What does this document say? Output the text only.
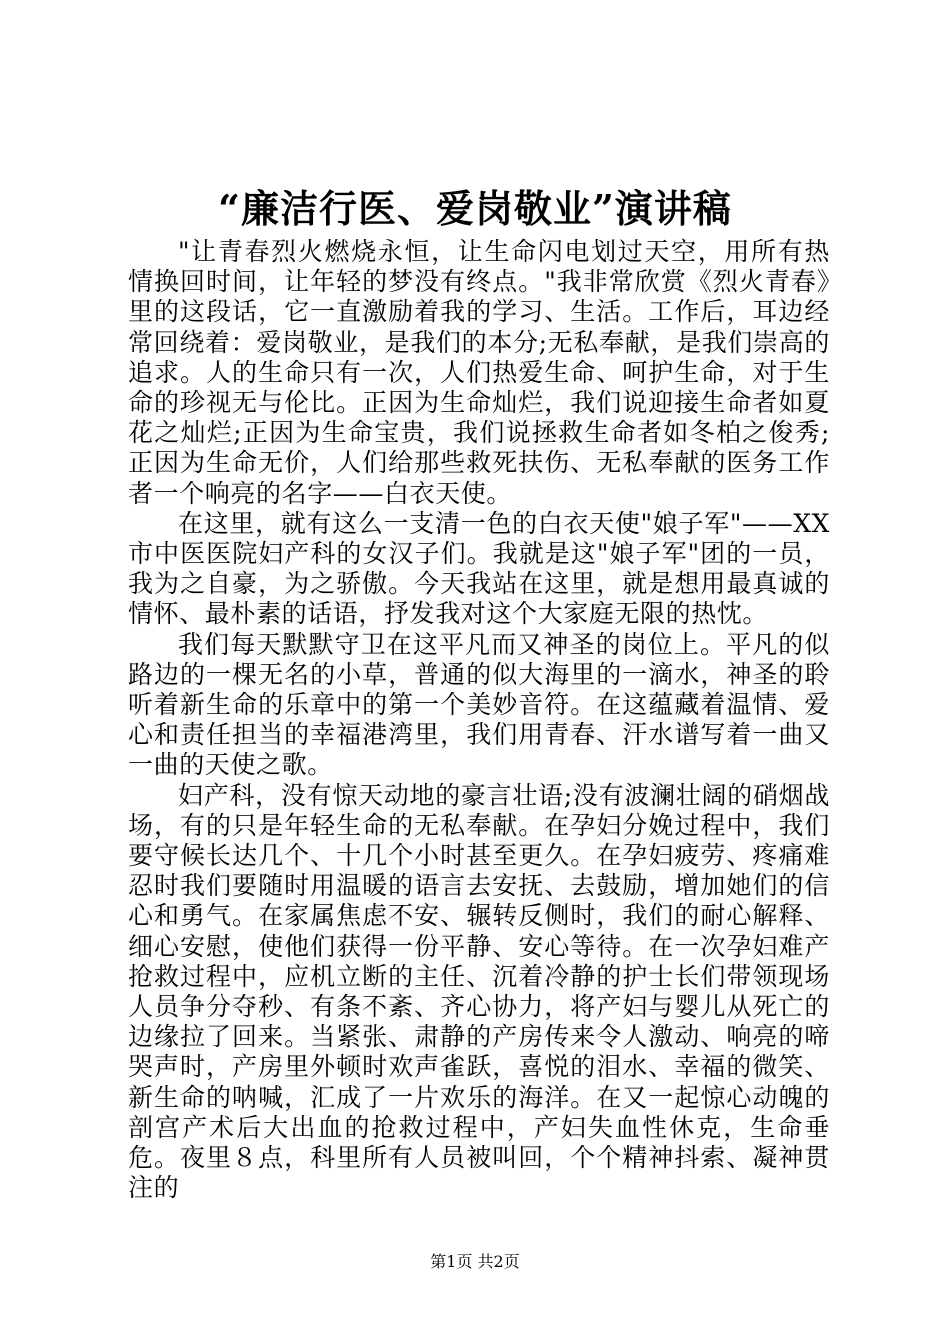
“廉洁行医、爱岗敬业”演讲稿

"让青春烈火燃烧永恒，让生命闪电划过天空，用所有热情换回时间，让年轻的梦没有终点。"我非常欣赏《烈火青春》里的这段话，它一直激励着我的学习、生活。工作后，耳边经常回绕着：爱岗敬业，是我们的本分;无私奉献，是我们崇高的追求。人的生命只有一次，人们热爱生命、呵护生命，对于生命的珍视无与伦比。正因为生命灿烂，我们说迎接生命者如夏花之灿烂;正因为生命宝贵，我们说拯救生命者如冬柏之俊秀;正因为生命无价，人们给那些救死扶伤、无私奉献的医务工作者一个响亮的名字——白衣天使。

在这里，就有这么一支清一色的白衣天使"娘子军"——XX市中医医院妇产科的女汉子们。我就是这"娘子军"团的一员，我为之自豪，为之骄傲。今天我站在这里，就是想用最真诚的情怀、最朴素的话语，抒发我对这个大家庭无限的热忱。

我们每天默默守卫在这平凡而又神圣的岗位上。平凡的似路边的一棵无名的小草，普通的似大海里的一滴水，神圣的聆听着新生命的乐章中的第一个美妙音符。在这蕴藏着温情、爱心和责任担当的幸福港湾里，我们用青春、汗水谱写着一曲又一曲的天使之歌。

妇产科，没有惊天动地的豪言壮语;没有波澜壮阔的硝烟战场，有的只是年轻生命的无私奉献。在孕妇分娩过程中，我们要守候长达几个、十几个小时甚至更久。在孕妇疲劳、疼痛难忍时我们要随时用温暖的语言去安抚、去鼓励，增加她们的信心和勇气。在家属焦虑不安、辗转反侧时，我们的耐心解释、细心安慰，使他们获得一份平静、安心等待。在一次孕妇难产抢救过程中，应机立断的主任、沉着冷静的护士长们带领现场人员争分夺秒、有条不紊、齐心协力，将产妇与婴儿从死亡的边缘拉了回来。当紧张、肃静的产房传来令人激动、响亮的啼哭声时，产房里外顿时欢声雀跃，喜悦的泪水、幸福的微笑、新生命的呐喊，汇成了一片欢乐的海洋。在又一起惊心动魄的剖宫产术后大出血的抢救过程中，产妇失血性休克，生命垂危。夜里８点，科里所有人员被叫回，个个精神抖索、凝神贯注的

第1页 共2页
